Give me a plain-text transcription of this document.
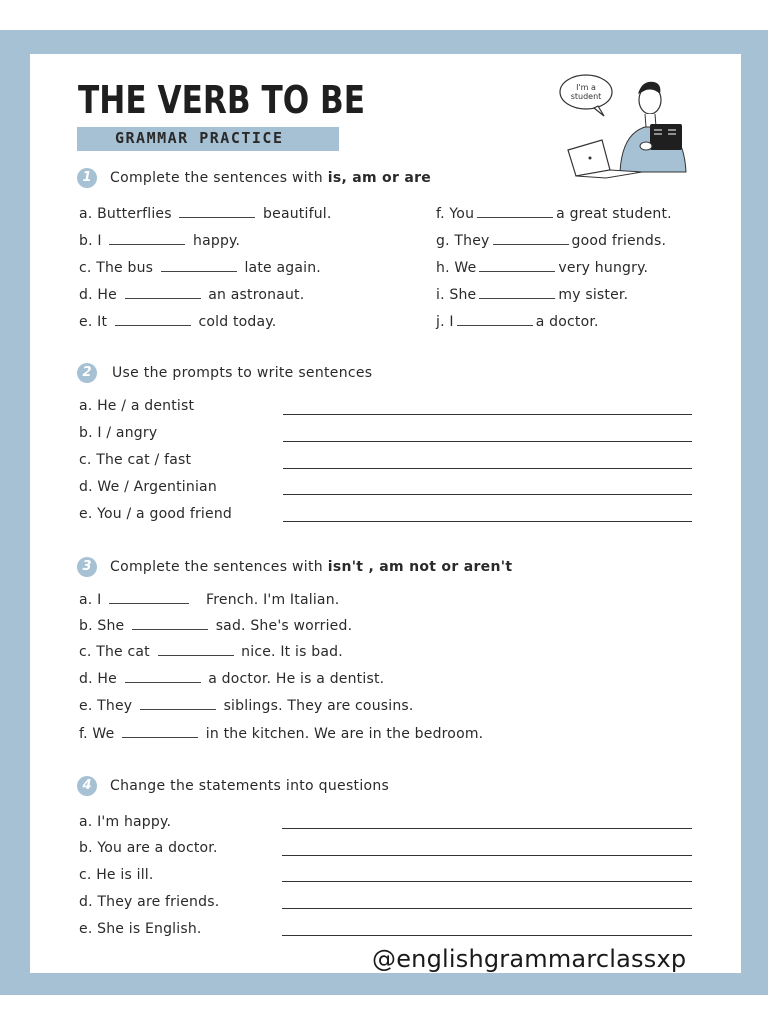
THE VERB TO BE
GRAMMAR PRACTICE
I'm a
student
1	Complete the sentences with is, am or are
a. Butterflies	beautiful.
b. I	happy.
c. The bus	late again.
d. He	an astronaut.
e. It	cold today.
f. You	a great student.
g. They	good friends.
h. We	very hungry.
i. She	my sister.
j. I	a doctor.
2	Use the prompts to write sentences
a. He / a dentist
b. I / angry
c. The cat / fast
d. We / Argentinian
e. You / a good friend
3	Complete the sentences with isn't , am not or aren't
a. I	French. I'm Italian.
b. She	sad. She's worried.
c. The cat	nice. It is bad.
d. He	a doctor. He is a dentist.
e. They	siblings. They are cousins.
f. We	in the kitchen. We are in the bedroom.
4	Change the statements into questions
a. I'm happy.
b. You are a doctor.
c. He is ill.
d. They are friends.
e. She is English.
@englishgrammarclassxp
